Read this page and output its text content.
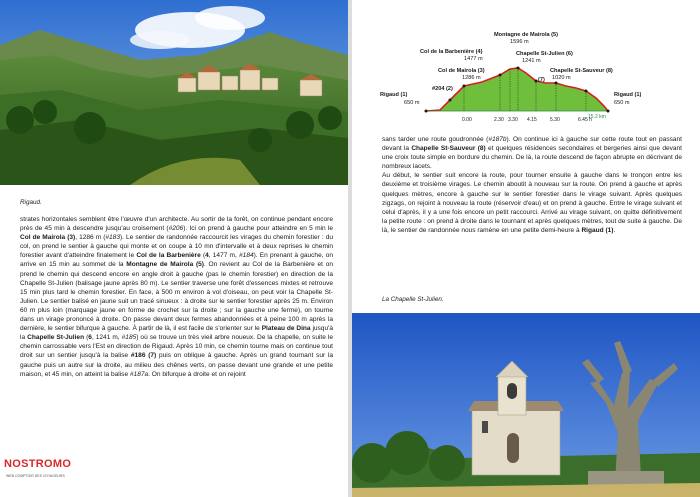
Rigaud.

strates horizontales semblent être l'œuvre d'un architecte. Au sortir de la forêt, on continue pendant encore près de 45 min à descendre jusqu'au croisement (#206). Ici on prend à gauche pour atteindre en 5 min le Col de Mairola (3), 1286 m (#183). Le sentier de randonnée raccourcit les virages du chemin forestier : du col, on prend le sentier à gauche qui monte et on coupe à 10 mn d'intervalle et à deux reprises le chemin forestier avant d'atteindre finalement le Col de la Barbenière (4, 1477 m, #184). En prenant à gauche, on arrive en 15 min au sommet de la Montagne de Mairola (5). On revient au Col de la Barbenière et on prend le chemin qui descend encore en angle droit à gauche (pas le chemin forestier) en direction de la Chapelle St-Julien (balisage jaune après 80 m). Le sentier traverse une forêt d'essences mixtes et retrouve 15 min plus tard le chemin forestier. En face, à 500 m environ à vol d'oiseau, on peut voir la Chapelle St-Julien. Le sentier balisé en jaune suit un tracé sinueux : à droite sur le sentier forestier après 25 m. Environ 60 m plus loin (marquage jaune en forme de crochet sur la droite ; sur la gauche une ferme), on tourne dans un virage prononcé à droite. On passe devant deux fermes abandonnées et à peine 100 m après la dernière, le sentier bifurque à gauche. À partir de là, il est facile de s'orienter sur le Plateau de Dina jusqu'à la Chapelle St-Julien (6, 1241 m, #185) où se trouve un très vieil arbre noueux. De la chapelle, on suite le chemin carrossable vers l'Est en direction de Rigaud. Après 10 min, ce chemin tourne mais on continue tout droit sur un sentier jusqu'à la balise #186 (7) puis on oblique à gauche. Après un grand tournant sur la gauche puis un autre sur la droite, au milieu des chênes verts, on passe devant une grande et une petite maison, et 45 min, on atteint la balise #187a. On bifurque à droite et on rejoint

NOSTROMO
WEB COMPTOIR DES VOYAGEURS
Rigaud (1)
650 m
#204 (2)
Col de Mairola (3)
1286 m
Col de la Barbenière (4)
1477 m
Montagne de Mairola (5)
1596 m
Chapelle St-Julien (6)
1241 m
(7)
Chapelle St-Sauveur (8)
1020 m
Rigaud (1)
650 m
15.2 km
0.00	2.30 3.30 4.15	5.30	6.45 h

sans tarder une route goudronnée (#187b). On continue ici à gauche sur cette route tout en passant devant la Chapelle St-Sauveur (8) et quelques résidences secondaires et bergeries ainsi que devant une croix toute simple en bordure du chemin. De là, la route descend de façon abrupte en décrivant de nombreux lacets.

Au début, le sentier suit encore la route, pour tourner ensuite à gauche dans le tronçon entre les deuxième et troisième virages. Le chemin aboutit à nouveau sur la route. On prend à gauche et après quelques mètres, encore à gauche sur le sentier forestier dans le virage suivant. Après quelques zigzags, on rejoint à nouveau la route (réservoir d'eau) et on prend à gauche. Entre le virage suivant et celui d'après, il y a une fois encore un petit raccourci. Arrivé au virage suivant, on quitte définitivement la petite route : on prend à droite dans le tournant et après quelques mètres, tout de suite à gauche. De là, le sentier de randonnée nous ramène en une petite demi-heure à Rigaud (1).

La Chapelle St-Julien.
